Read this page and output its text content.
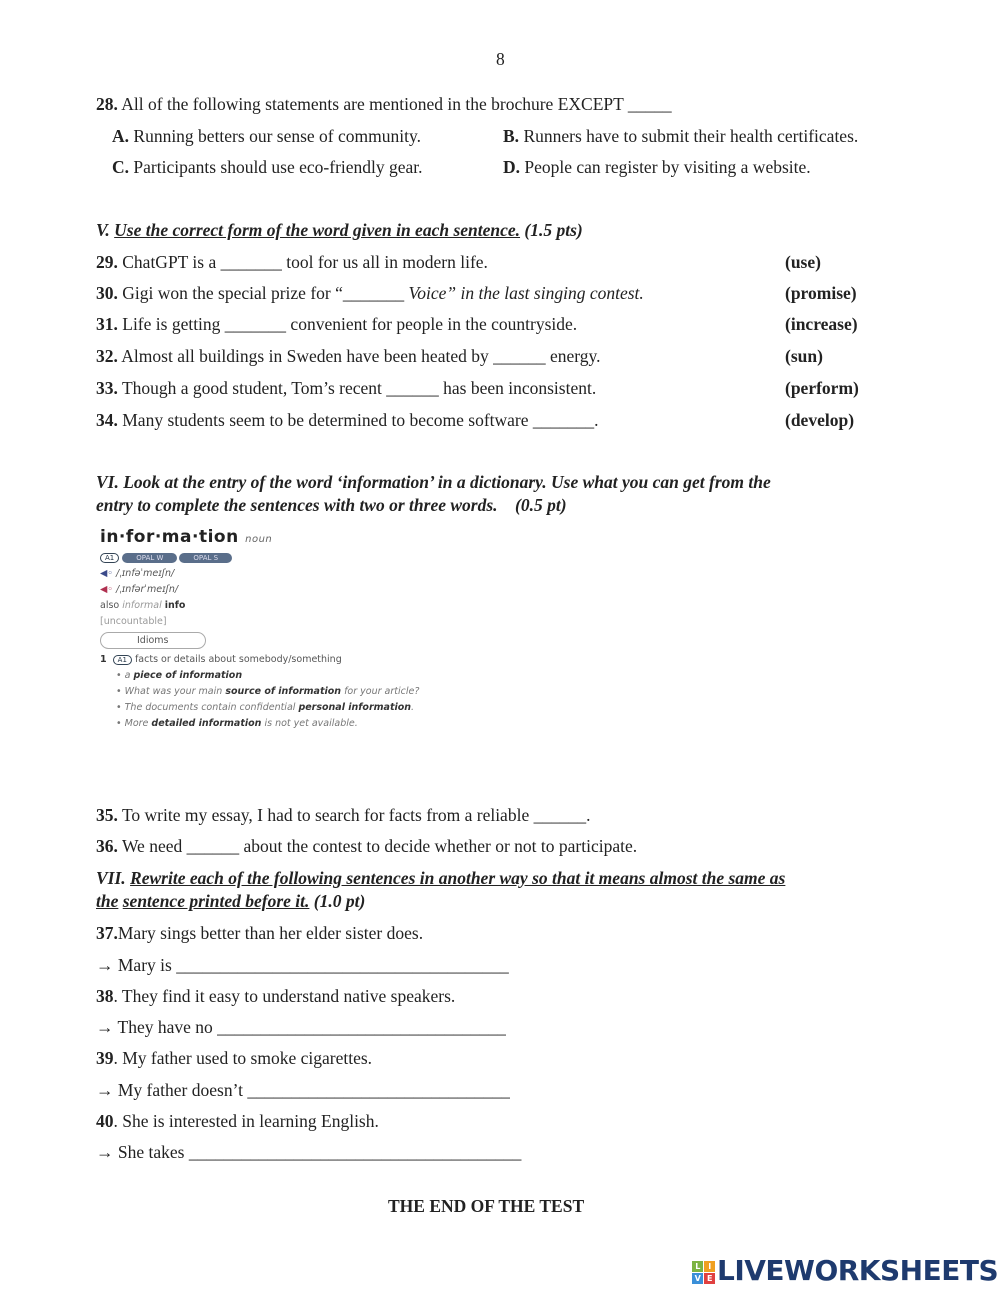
8
28. All of the following statements are mentioned in the brochure EXCEPT _____
A. Running betters our sense of community.	B. Runners have to submit their health certificates.
C. Participants should use eco-friendly gear.	D. People can register by visiting a website.
V. Use the correct form of the word given in each sentence. (1.5 pts)
29. ChatGPT is a _______ tool for us all in modern life.	(use)
30. Gigi won the special prize for “_______ Voice” in the last singing contest.	(promise)
31. Life is getting _______ convenient for people in the countryside.	(increase)
32. Almost all buildings in Sweden have been heated by ______ energy.	(sun)
33. Though a good student, Tom’s recent ______ has been inconsistent.	(perform)
34. Many students seem to be determined to become software _______.	(develop)
VI. Look at the entry of the word ‘information’ in a dictionary. Use what you can get from the
entry to complete the sentences with two or three words. (0.5 pt)
in·for·ma·tion noun
A1	OPAL W	OPAL S
◀◦ /ˌɪnfəˈmeɪʃn/
◀◦ /ˌɪnfərˈmeɪʃn/
also informal info
[uncountable]
Idioms
1 A1 facts or details about somebody/something
• a piece of information
• What was your main source of information for your article?
• The documents contain confidential personal information.
• More detailed information is not yet available.
35. To write my essay, I had to search for facts from a reliable ______.
36. We need ______ about the contest to decide whether or not to participate.
VII. Rewrite each of the following sentences in another way so that it means almost the same as
the sentence printed before it. (1.0 pt)
37.Mary sings better than her elder sister does.
→ Mary is ______________________________________
38. They find it easy to understand native speakers.
→ They have no _________________________________
39. My father used to smoke cigarettes.
→ My father doesn’t ______________________________
40. She is interested in learning English.
→ She takes ______________________________________
THE END OF THE TEST
L	I
V E LIVEWORKSHEETS
